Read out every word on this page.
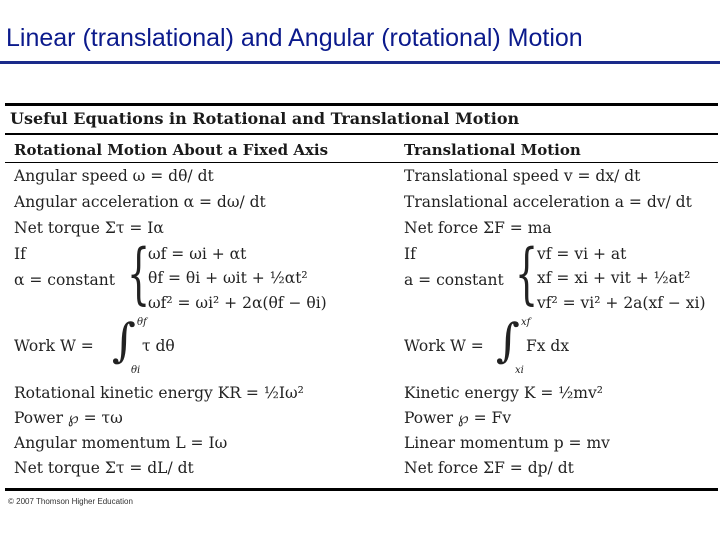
Linear (translational) and Angular (rotational) Motion
Useful Equations in Rotational and Translational Motion
Rotational Motion About a Fixed Axis	Translational Motion
Angular speed ω = dθ/ dt
Angular acceleration α = dω/ dt
Net torque Στ = Iα
If
α = constant {
ωf = ωi + αt
θf = θi + ωit + ½αt²
ωf² = ωi² + 2α(θf − θi)
Work W = ∫ θf
θi
τ dθ
Rotational kinetic energy KR = ½Iω²
Power ℘ = τω
Angular momentum L = Iω
Net torque Στ = dL/ dt
Translational speed v = dx/ dt
Translational acceleration a = dv/ dt
Net force ΣF = ma
If
a = constant {
vf = vi + at
xf = xi + vit + ½at²
vf² = vi² + 2a(xf − xi)
Work W = ∫ xf
xi
Fx dx
Kinetic energy K = ½mv²
Power ℘ = Fv
Linear momentum p = mv
Net force ΣF = dp/ dt
© 2007 Thomson Higher Education
